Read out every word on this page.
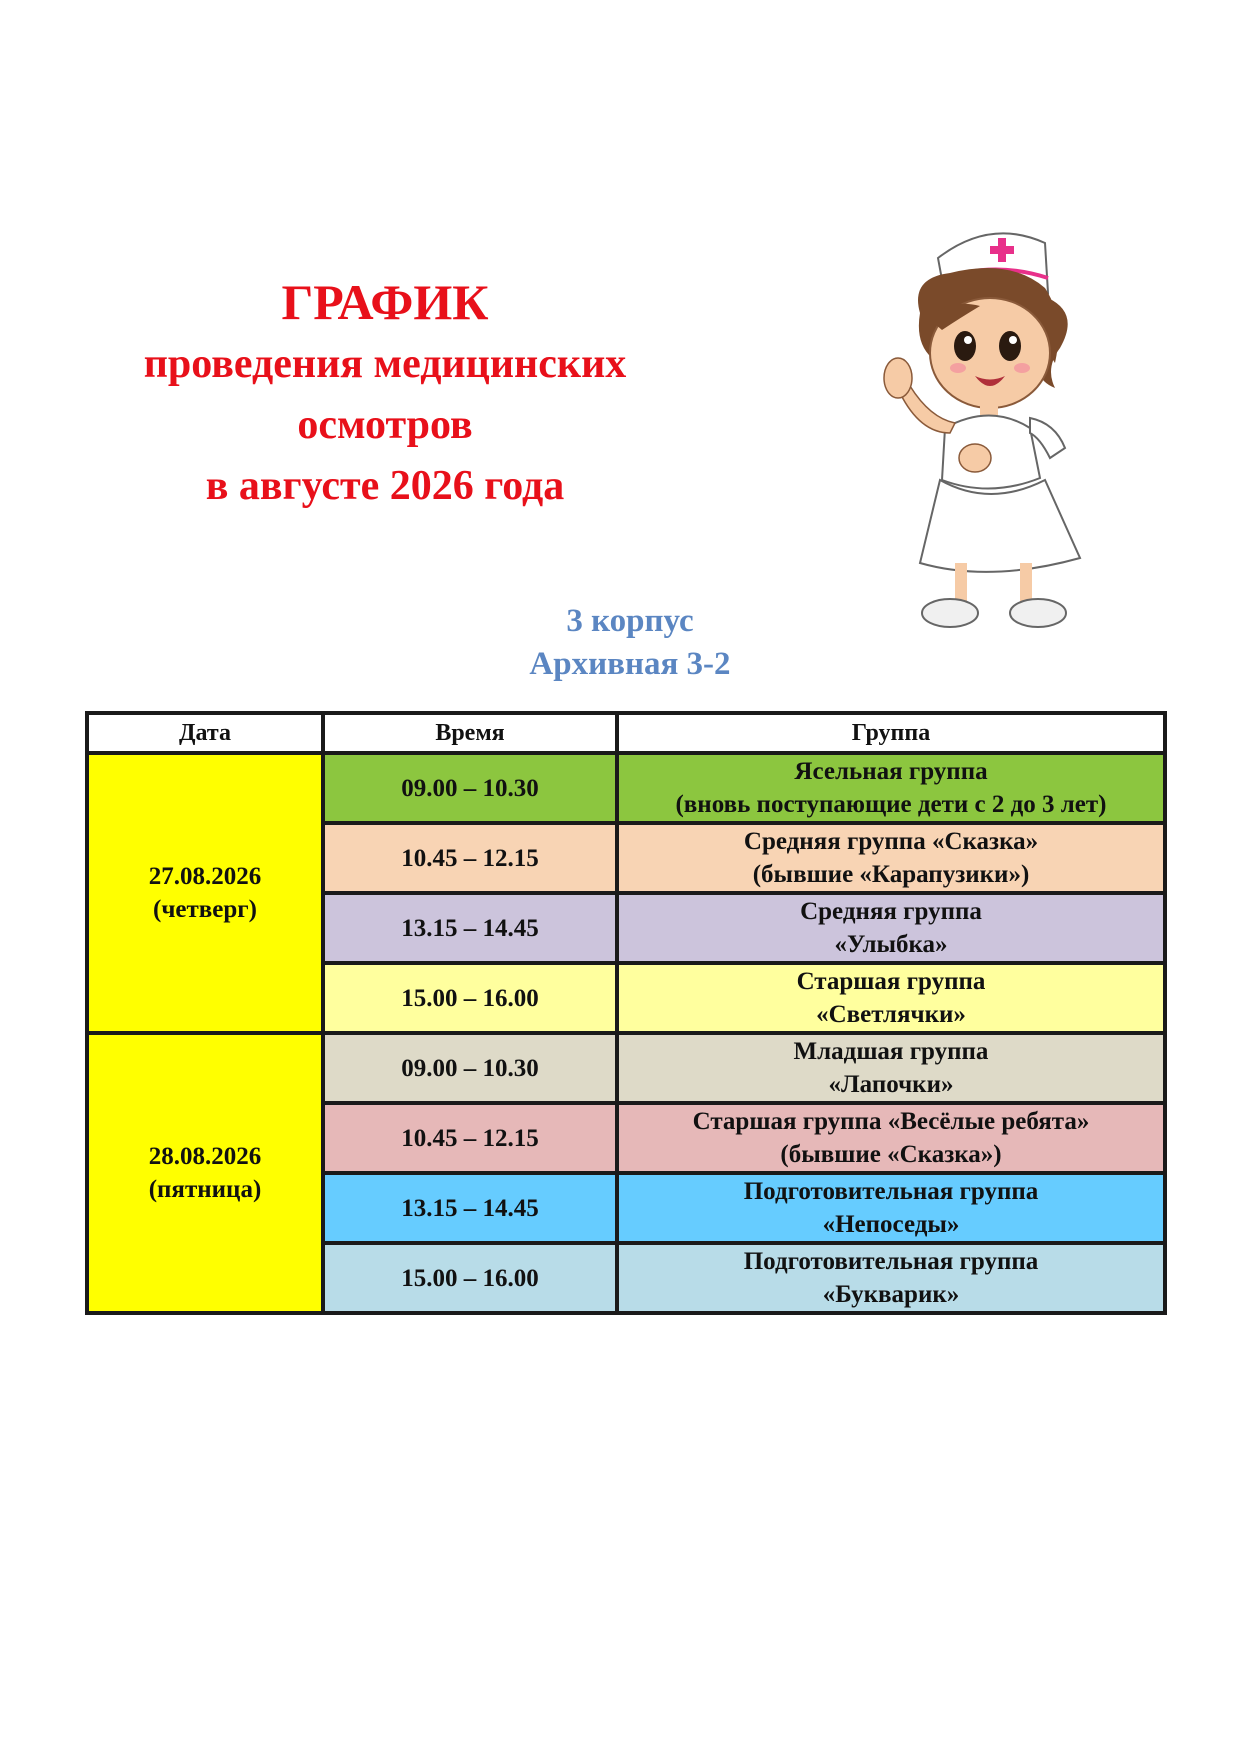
ГРАФИК
проведения медицинских
осмотров
в августе 2026 года
3 корпус
Архивная 3-2
Дата	Время	Группа

27.08.2026
(четверг)	09.00 – 10.30	Ясельная группа
(вновь поступающие дети с 2 до 3 лет)

	10.45 – 12.15	Средняя группа «Сказка»
(бывшие «Карапузики»)

	13.15 – 14.45	Средняя группа
«Улыбка»

	15.00 – 16.00	Старшая группа
«Светлячки»

28.08.2026
(пятница)	09.00 – 10.30	Младшая группа
«Лапочки»

	10.45 – 12.15	Старшая группа «Весёлые ребята»
(бывшие «Сказка»)

	13.15 – 14.45	Подготовительная группа
«Непоседы»

	15.00 – 16.00	Подготовительная группа
«Букварик»
